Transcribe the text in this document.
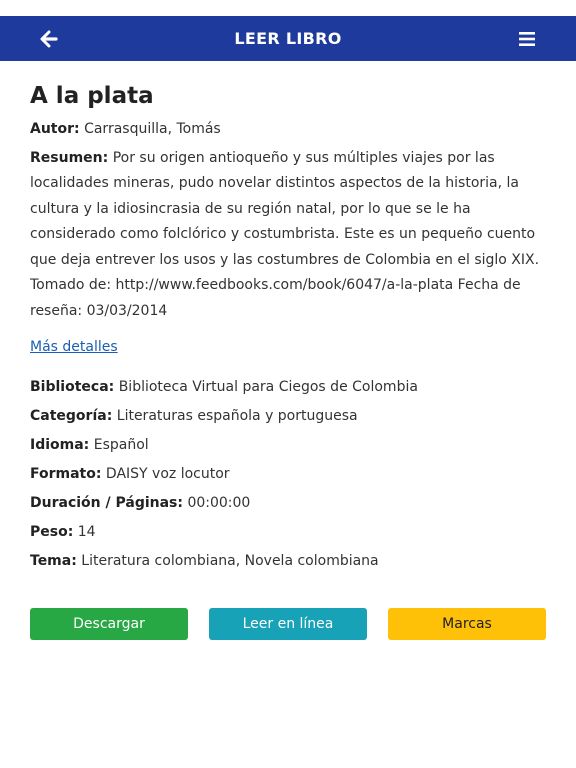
LEER LIBRO
A la plata

Autor: Carrasquilla, Tomás

Resumen: Por su origen antioqueño y sus múltiples viajes por las localidades mineras, pudo novelar distintos aspectos de la historia, la cultura y la idiosincrasia de su región natal, por lo que se le ha considerado como folclórico y costumbrista. Este es un pequeño cuento que deja entrever los usos y las costumbres de Colombia en el siglo XIX. Tomado de: http://www.feedbooks.com/book/6047/a-la-plata Fecha de reseña: 03/03/2014

Más detalles

Biblioteca: Biblioteca Virtual para Ciegos de Colombia

Categoría: Literaturas española y portuguesa

Idioma: Español

Formato: DAISY voz locutor

Duración / Páginas: 00:00:00

Peso: 14

Tema: Literatura colombiana, Novela colombiana

Descargar	Leer en línea	Marcas
